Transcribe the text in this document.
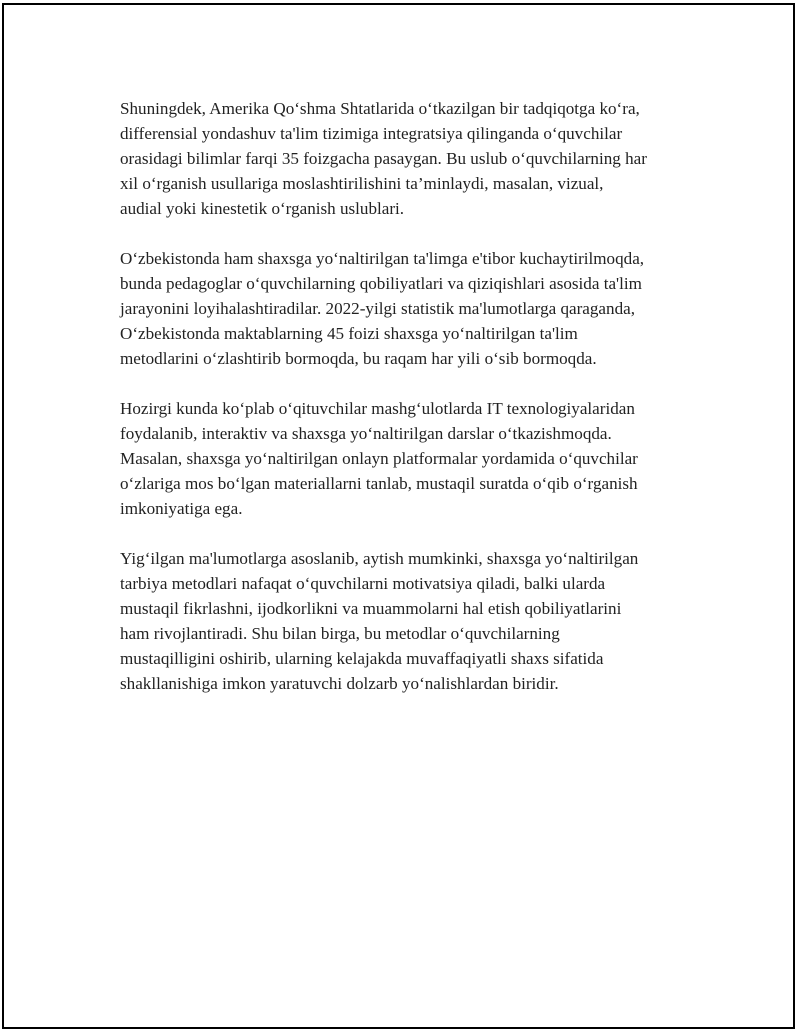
Shuningdek, Amerika Qo‘shma Shtatlarida o‘tkazilgan bir tadqiqotga ko‘ra,
differensial yondashuv ta'lim tizimiga integratsiya qilinganda o‘quvchilar
orasidagi bilimlar farqi 35 foizgacha pasaygan. Bu uslub o‘quvchilarning har
xil o‘rganish usullariga moslashtirilishini ta’minlaydi, masalan, vizual,
audial yoki kinestetik o‘rganish uslublari.

O‘zbekistonda ham shaxsga yo‘naltirilgan ta'limga e'tibor kuchaytirilmoqda,
bunda pedagoglar o‘quvchilarning qobiliyatlari va qiziqishlari asosida ta'lim
jarayonini loyihalashtiradilar. 2022-yilgi statistik ma'lumotlarga qaraganda,
O‘zbekistonda maktablarning 45 foizi shaxsga yo‘naltirilgan ta'lim
metodlarini o‘zlashtirib bormoqda, bu raqam har yili o‘sib bormoqda.

Hozirgi kunda ko‘plab o‘qituvchilar mashg‘ulotlarda IT texnologiyalaridan
foydalanib, interaktiv va shaxsga yo‘naltirilgan darslar o‘tkazishmoqda.
Masalan, shaxsga yo‘naltirilgan onlayn platformalar yordamida o‘quvchilar
o‘zlariga mos bo‘lgan materiallarni tanlab, mustaqil suratda o‘qib o‘rganish
imkoniyatiga ega.

Yig‘ilgan ma'lumotlarga asoslanib, aytish mumkinki, shaxsga yo‘naltirilgan
tarbiya metodlari nafaqat o‘quvchilarni motivatsiya qiladi, balki ularda
mustaqil fikrlashni, ijodkorlikni va muammolarni hal etish qobiliyatlarini
ham rivojlantiradi. Shu bilan birga, bu metodlar o‘quvchilarning
mustaqilligini oshirib, ularning kelajakda muvaffaqiyatli shaxs sifatida
shakllanishiga imkon yaratuvchi dolzarb yo‘nalishlardan biridir.
